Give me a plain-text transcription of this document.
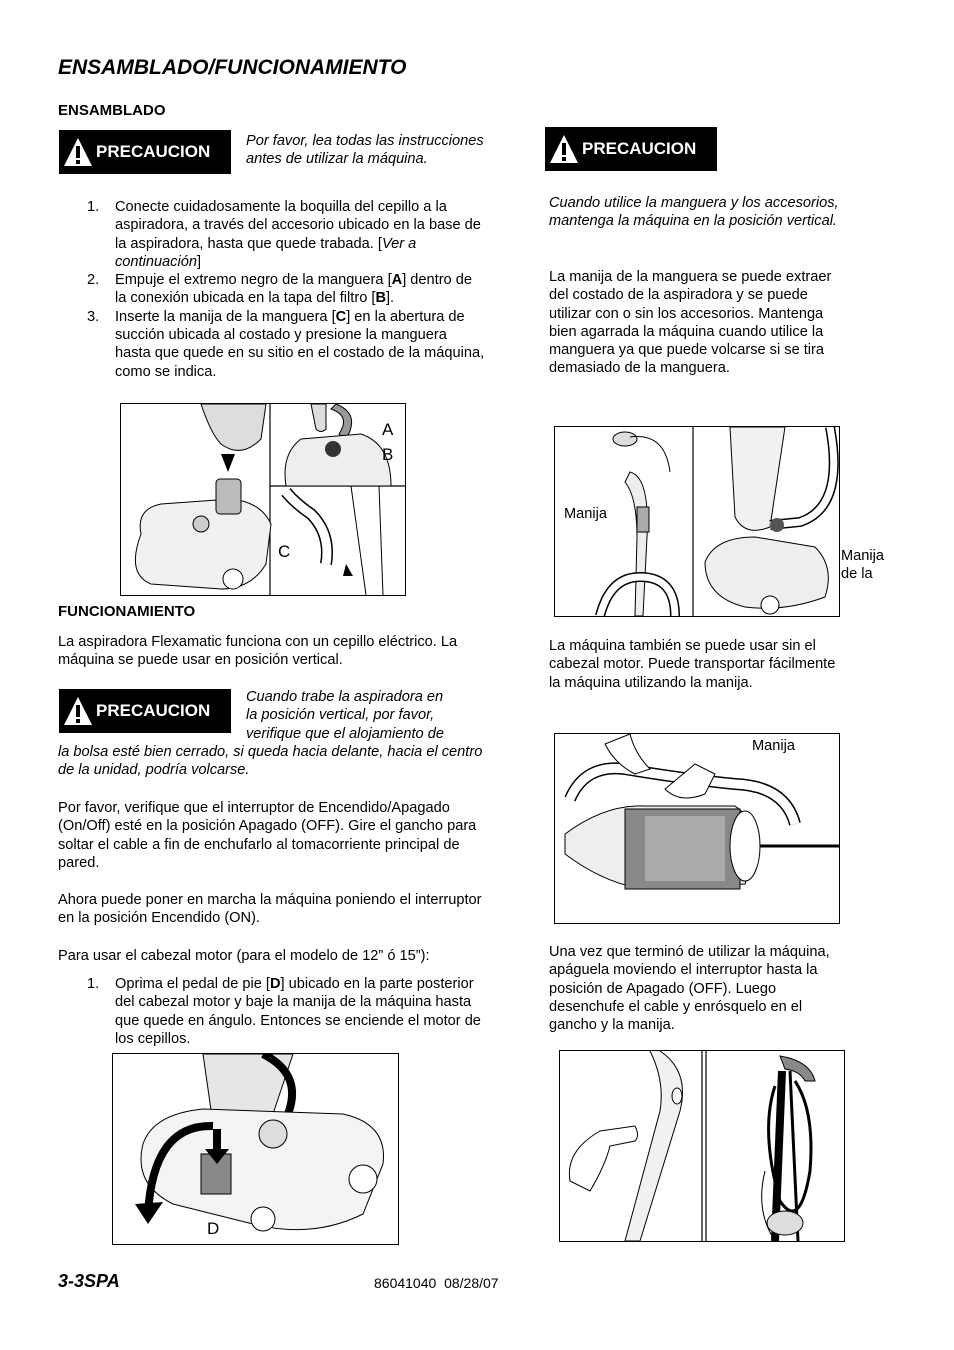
ENSAMBLADO/FUNCIONAMIENTO
ENSAMBLADO
PRECAUCION
Por favor, lea todas las instrucciones antes de utilizar la máquina.
1. Conecte cuidadosamente la boquilla del cepillo a la aspiradora, a través del accesorio ubicado en la base de la aspiradora, hasta que quede trabada. [Ver a continuación]
2. Empuje el extremo negro de la manguera [A] dentro de la conexión ubicada en la tapa del filtro [B].
3. Inserte la manija de la manguera [C] en la abertura de succión ubicada al costado y presione la manguera hasta que quede en su sitio en el costado de la máquina, como se indica.
A
B
C
FUNCIONAMIENTO
La aspiradora Flexamatic funciona con un cepillo eléctrico. La máquina se puede usar en posición vertical.
PRECAUCION
Cuando trabe la aspiradora en
la posición vertical, por favor,
verifique que el alojamiento de
la bolsa esté bien cerrado, si queda hacia delante, hacia el centro de la unidad, podría volcarse.
Por favor, verifique que el interruptor de Encendido/Apagado (On/Off) esté en la posición Apagado (OFF). Gire el gancho para soltar el cable a fin de enchufarlo al tomacorriente principal de pared.
Ahora puede poner en marcha la máquina poniendo el interruptor en la posición Encendido (ON).
Para usar el cabezal motor (para el modelo de 12” ó 15”):
1. Oprima el pedal de pie [D] ubicado en la parte posterior del cabezal motor y baje la manija de la máquina hasta que quede en ángulo. Entonces se enciende el motor de los cepillos.
D
PRECAUCION
Cuando utilice la manguera y los accesorios, mantenga la máquina en la posición vertical.
La manija de la manguera se puede extraer del costado de la aspiradora y se puede utilizar con o sin los accesorios. Mantenga bien agarrada la máquina cuando utilice la manguera ya que puede volcarse si se tira demasiado de la manguera.
Manija
Manija
de la
La máquina también se puede usar sin el cabezal motor. Puede transportar fácilmente la máquina utilizando la manija.
Manija
Una vez que terminó de utilizar la máquina, apáguela moviendo el interruptor hasta la posición de Apagado (OFF). Luego desenchufe el cable y enrósquelo en el gancho y la manija.
3-3SPA	86041040  08/28/07
